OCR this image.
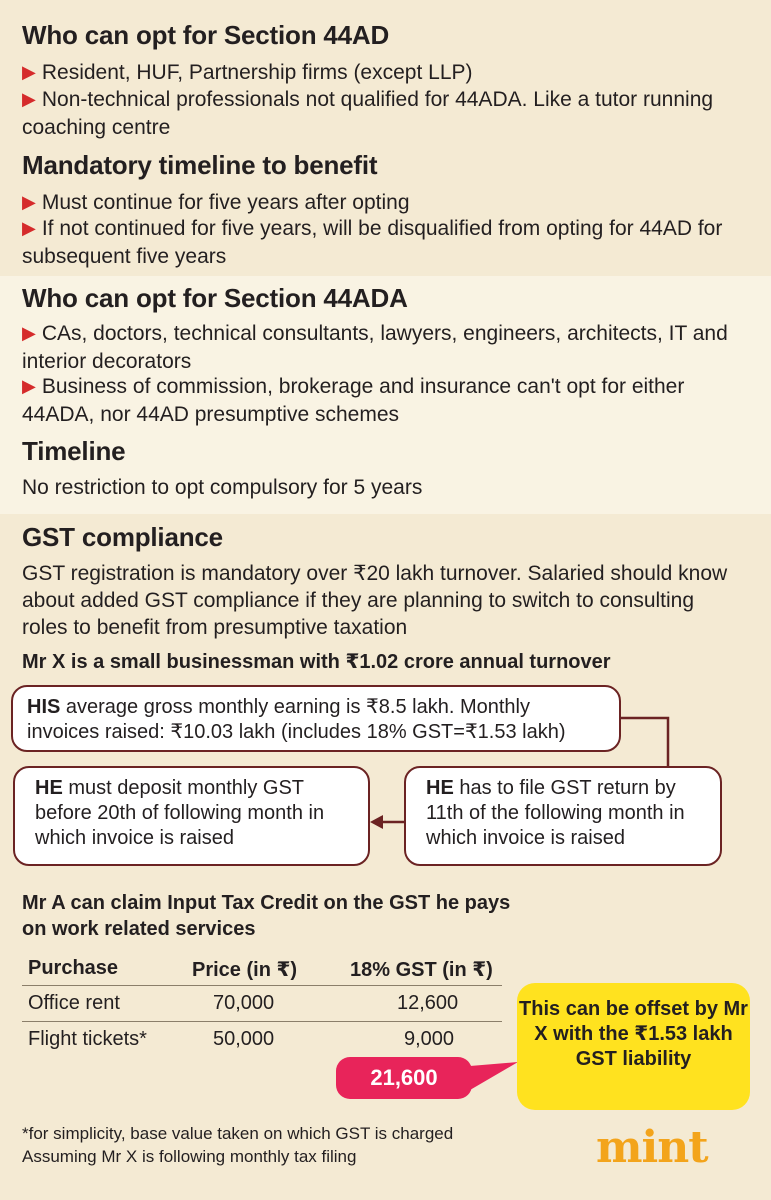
Who can opt for Section 44AD
▶ Resident, HUF, Partnership firms (except LLP)
▶ Non-technical professionals not qualified for 44ADA. Like a tutor running coaching centre
Mandatory timeline to benefit
▶ Must continue for five years after opting
▶ If not continued for five years, will be disqualified from opting for 44AD for subsequent five years
Who can opt for Section 44ADA
▶ CAs, doctors, technical consultants, lawyers, engineers, architects, IT and interior decorators
▶ Business of commission, brokerage and insurance can't opt for either 44ADA, nor 44AD presumptive schemes
Timeline
No restriction to opt compulsory for 5 years
GST compliance
GST registration is mandatory over ₹20 lakh turnover. Salaried should know about added GST compliance if they are planning to switch to consulting roles to benefit from presumptive taxation
Mr X is a small businessman with ₹1.02 crore annual turnover
HIS average gross monthly earning is ₹8.5 lakh. Monthly invoices raised: ₹10.03 lakh (includes 18% GST=₹1.53 lakh)
HE has to file GST return by 11th of the following month in which invoice is raised
HE must deposit monthly GST before 20th of following month in which invoice is raised
Mr A can claim Input Tax Credit on the GST he pays
on work related services
Purchase	Price (in ₹)	18% GST (in ₹)
Office rent	70,000	12,600
Flight tickets*	50,000	9,000
21,600
This can be offset by Mr X with the ₹1.53 lakh GST liability
*for simplicity, base value taken on which GST is charged
Assuming Mr X is following monthly tax filing	mint
